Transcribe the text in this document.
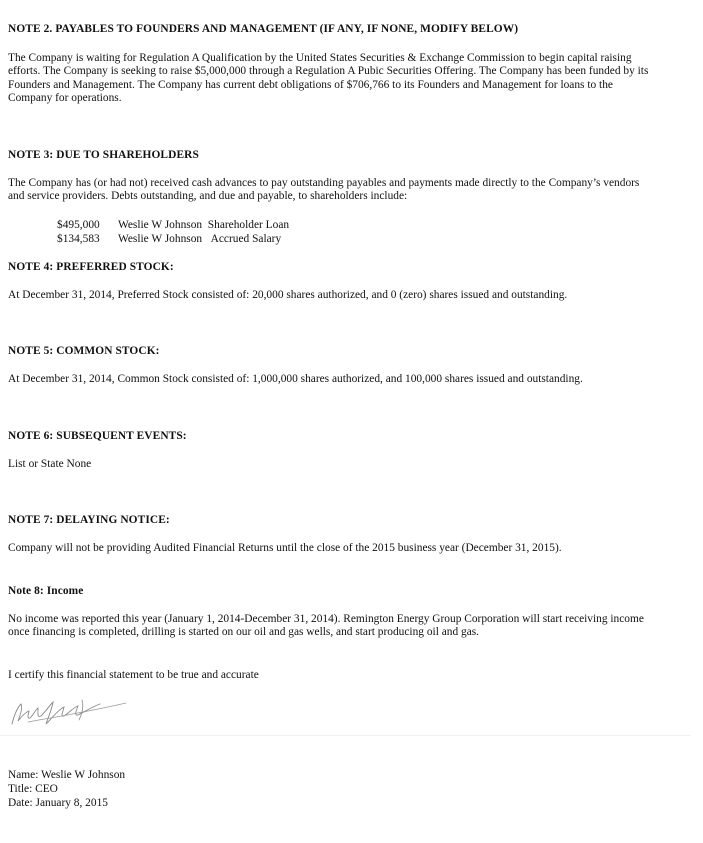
NOTE 2. PAYABLES TO FOUNDERS AND MANAGEMENT (IF ANY, IF NONE, MODIFY BELOW)

The Company is waiting for Regulation A Qualification by the United States Securities & Exchange Commission to begin capital raising efforts. The Company is seeking to raise $5,000,000 through a Regulation A Pubic Securities Offering. The Company has been funded by its Founders and Management. The Company has current debt obligations of $706,766 to its Founders and Management for loans to the Company for operations.

NOTE 3: DUE TO SHAREHOLDERS

The Company has (or had not) received cash advances to pay outstanding payables and payments made directly to the Company’s vendors and service providers. Debts outstanding, and due and payable, to shareholders include:

$495,000 Weslie W Johnson Shareholder Loan
$134,583 Weslie W Johnson Accrued Salary

NOTE 4: PREFERRED STOCK:

At December 31, 2014, Preferred Stock consisted of: 20,000 shares authorized, and 0 (zero) shares issued and outstanding.

NOTE 5: COMMON STOCK:

At December 31, 2014, Common Stock consisted of: 1,000,000 shares authorized, and 100,000 shares issued and outstanding.

NOTE 6: SUBSEQUENT EVENTS:

List or State None

NOTE 7: DELAYING NOTICE:

Company will not be providing Audited Financial Returns until the close of the 2015 business year (December 31, 2015).

Note 8: Income

No income was reported this year (January 1, 2014-December 31, 2014). Remington Energy Group Corporation will start receiving income once financing is completed, drilling is started on our oil and gas wells, and start producing oil and gas.

I certify this financial statement to be true and accurate

Name: Weslie W Johnson

Title: CEO

Date: January 8, 2015
